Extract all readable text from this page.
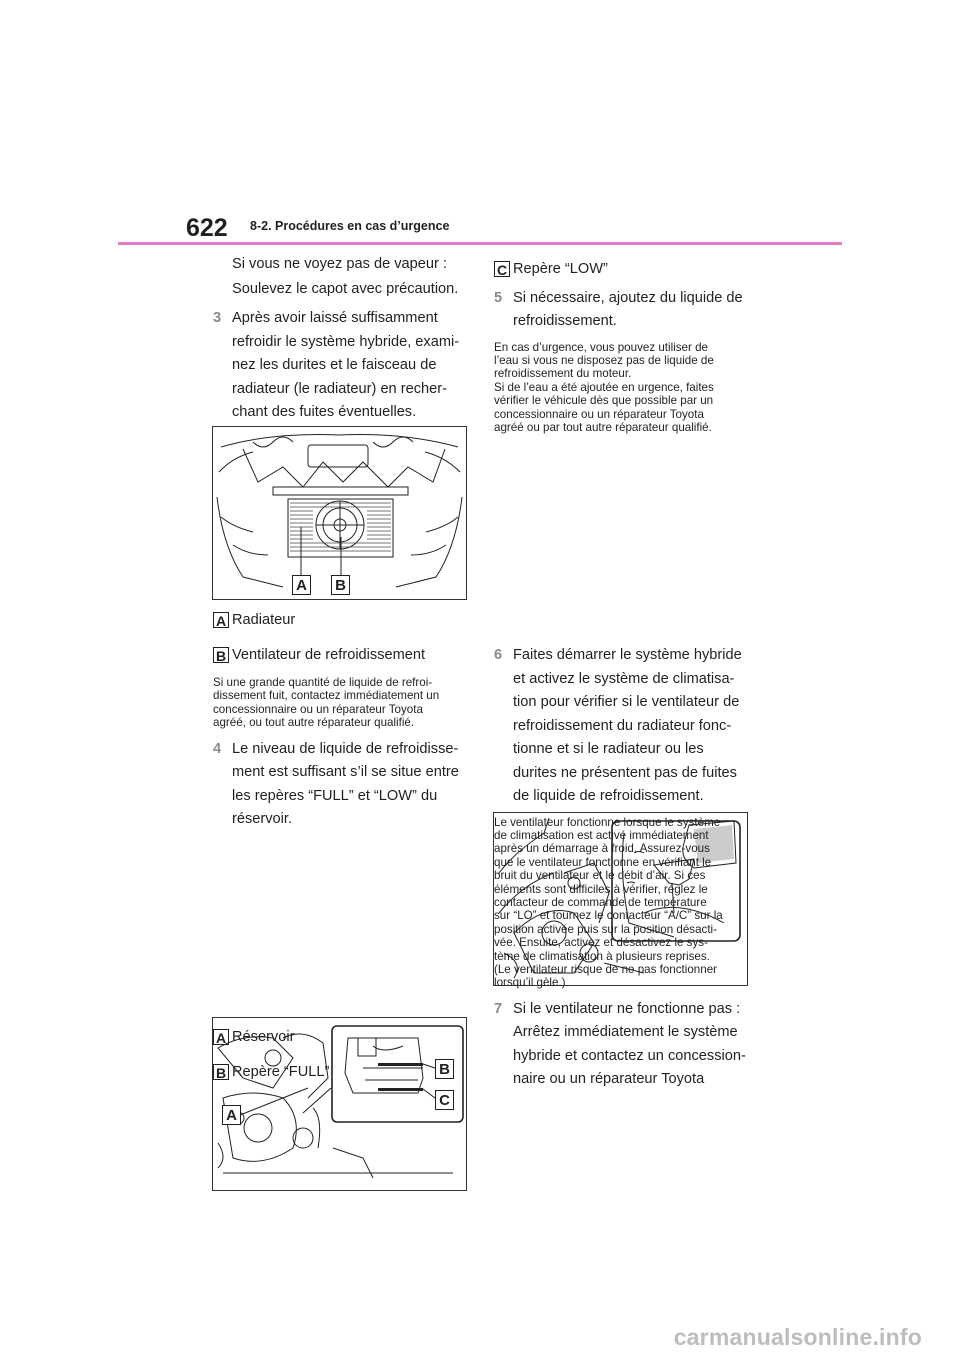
622 8-2. Procédures en cas d’urgence

Si vous ne voyez pas de vapeur :

Soulevez le capot avec précaution.

3 Après avoir laissé suffisamment
refroidir le système hybride, exami-
nez les durites et le faisceau de
radiateur (le radiateur) en recher-
chant des fuites éventuelles.
A B
A Radiateur
B Ventilateur de refroidissement

Si une grande quantité de liquide de refroi-

dissement fuit, contactez immédiatement un

concessionnaire ou un réparateur Toyota

agréé, ou tout autre réparateur qualifié.

4 Le niveau de liquide de refroidisse-
ment est suffisant s’il se situe entre
les repères “FULL” et “LOW” du
réservoir.
B
C
A
A Réservoir
B Repère “FULL”
C Repère “LOW”
5 Si nécessaire, ajoutez du liquide de
refroidissement.

En cas d’urgence, vous pouvez utiliser de

l’eau si vous ne disposez pas de liquide de

refroidissement du moteur.

Si de l’eau a été ajoutée en urgence, faites

vérifier le véhicule dès que possible par un

concessionnaire ou un réparateur Toyota

agréé ou par tout autre réparateur qualifié.

6 Faites démarrer le système hybride
et activez le système de climatisa-
tion pour vérifier si le ventilateur de
refroidissement du radiateur fonc-
tionne et si le radiateur ou les
durites ne présentent pas de fuites
de liquide de refroidissement.

Le ventilateur fonctionne lorsque le système

de climatisation est activé immédiatement

après un démarrage à froid. Assurez-vous

que le ventilateur fonctionne en vérifiant le

bruit du ventilateur et le débit d’air. Si ces

éléments sont difficiles à vérifier, réglez le

contacteur de commande de température

sur “LO” et tournez le contacteur “A/C” sur la

position activée puis sur la position désacti-

vée. Ensuite, activez et désactivez le sys-

tème de climatisation à plusieurs reprises.

(Le ventilateur risque de ne pas fonctionner

lorsqu’il gèle.)

7 Si le ventilateur ne fonctionne pas :
Arrêtez immédiatement le système
hybride et contactez un concession-
naire ou un réparateur Toyota
carmanualsonline.info
